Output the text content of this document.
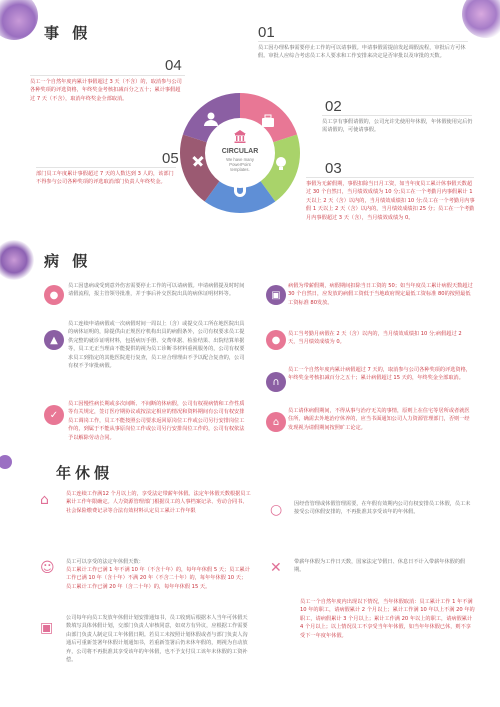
事 假
CIRCULAR
We have many
PowerPoint
templates.
01
员工因办理私事需要停止工作的可以请事假。申请事假需提前发起调假流程，审批后方可休假。审批人应综合考虑员工本人要求和工作安排来决定是否审批以及审批的天数。
04
员工一个自然年度内累计事假超过 3 天（不含）的，取消参与公司各种奖项的评选资格，年终奖金考核扣减百分之五十；累计事假超过 7 天（不含），取消年终奖金全部取消。	02
员工享有事假请假的，公司允许先使用年休假，年休假使用完后仍需请假的，可使请事假。
05
部门员工年度累计事假超过 7 天的人数达到 3 人的，该部门不得参与公司各种奖项的评选取消部门负责人年终奖金。
03
事假为无薪假期，事假扣除当日月工资，如当年度员工累计休事假天数超过 30 个自然日，当月绩效成绩为 10 分;员工在一个考勤月内事假累计 1 天以上 2 天（含）以内的，当月绩效成绩扣 10 分;员工在一个考勤月内事假 1 天以上 2 天（含）以内的，当月绩效成绩扣 25 分；员工在一个考勤月内事假超过 3 天（含），当月绩效成绩为 0。
病 假
●
员工因患病或受到意外伤害需要停止工作的可以请病假。申请病假提及时时间请假流程，报主管领导批准，并于事后补交医院出具的病休证明材料等。
▲
员工连续申请病假或一次病假时间一周以上（含）或提交员工所在地医院出具的病休证明的，除提供由正规医疗机构出具的病假条外，公司有权要求员工提供完整的就诊证明材料，包括病历手册、交费单据、检验结果、出院结算单据等，员工无正当理由不能提供的视为员工诊断书材料重视服务的，公司有权要求员工到指定的其他医院进行复查，员工应合理理由不予以配合复查的，公司有权不予审批病假。
✓
员工因慢性病长期或多次间断、不间断的休病假，公司有权视病情和工作性质等有关规定，签订医疗期协议或按法定相应的情况和资料期间有公司有权安排员工调岗工作，员工不能按照公司要求返回原岗位工作或公司另行安排岗位工作的，到属于不能从事原岗位工作或公司另行安排岗位工作的，公司有权依法予以解除劳动合同。
▣
病假为带薪假期，病假期间扣除当日工资的 50；如当年度员工累计病假天数超过 30 个自然日，应发放的病假工资低于当地政府规定最低工资标准 80的按照最低工资标准 80发放。
●
员工当考勤月病假在 2 天（含）以内的，当月绩效成绩扣 10 分;病假超过 2 天，当月绩效成绩为 0。
∩
员工一个自然年度内累计病假超过 7 天的，取消参与公司各种奖项的评选资格，年终奖金考核扣减百分之五十；累计病假超过 15 天的，年终奖金全部取消。
⌂
员工请休病假期间，不得从事与治疗无关的事情，原则上在住宅等居所或者就医住所，确需去外地治疗休养的，应当书面通知公司人力资源管理部门，否则一经发现视为请假期间按照旷工论定。
年休假
⌂	员工连续工作满12 个月以上的，享受法定带薪年休假。法定年休假天数根据员工累计工作年限确定。人力资源管理部门根据员工的人事档案记录、劳动合同书、社会保险缴费记录等合法有效材料认定员工累计工作年限
☺ 员工可以享受的法定年休假天数：
员工累计工作已满 1 年不满 10 年（不含十年）的，每年年休假 5 天；员工累计工作已满 10 年（含十年）不满 20 年（不含二十年）的，每年年休假 10 天；员工累计工作已满 20 年（含二十年）的，每年年休假 15 天。
▣
公司每年向员工发放年休假计划安排通知书，员工收到后根据本人当年可休假天数填写具体休假计划，交部门负责人审核同意，如双方有异议，应根据工作需要由部门负责人制定员工年休假日期。若员工未按照计划休假或者与部门负责人沟通后可重新签署年休假计划通知书，若重新签署后仍未休年假的，则视为自动放弃，公司将不再批准其享受该年的年休假，也不予支付员工该年未休假的工资补偿。
○ 因经营管理或休假管理需要，在年假有效期内公司有权安排员工休假，员工未接受公司休假安排的，不再批准其享受该年的年休假。
✕ 带薪年休假为工作日天数，国家法定节假日、休息日不计入带薪年休假的假期。
员工一个自然年度内出现以下情况，当年休假取消：员工累计工作 1 年不满 10 年的职工，请病假累计 2 个月以上；累计工作满 10 年以上不满 20 年的职工，请病假累计 3 个月以上；累计工作满 20 年以上的职工，请病假累计 4 个月以上；以上情况员工不享受当年年休假，如当年年休假已休，则不享受下一年度年休假。
